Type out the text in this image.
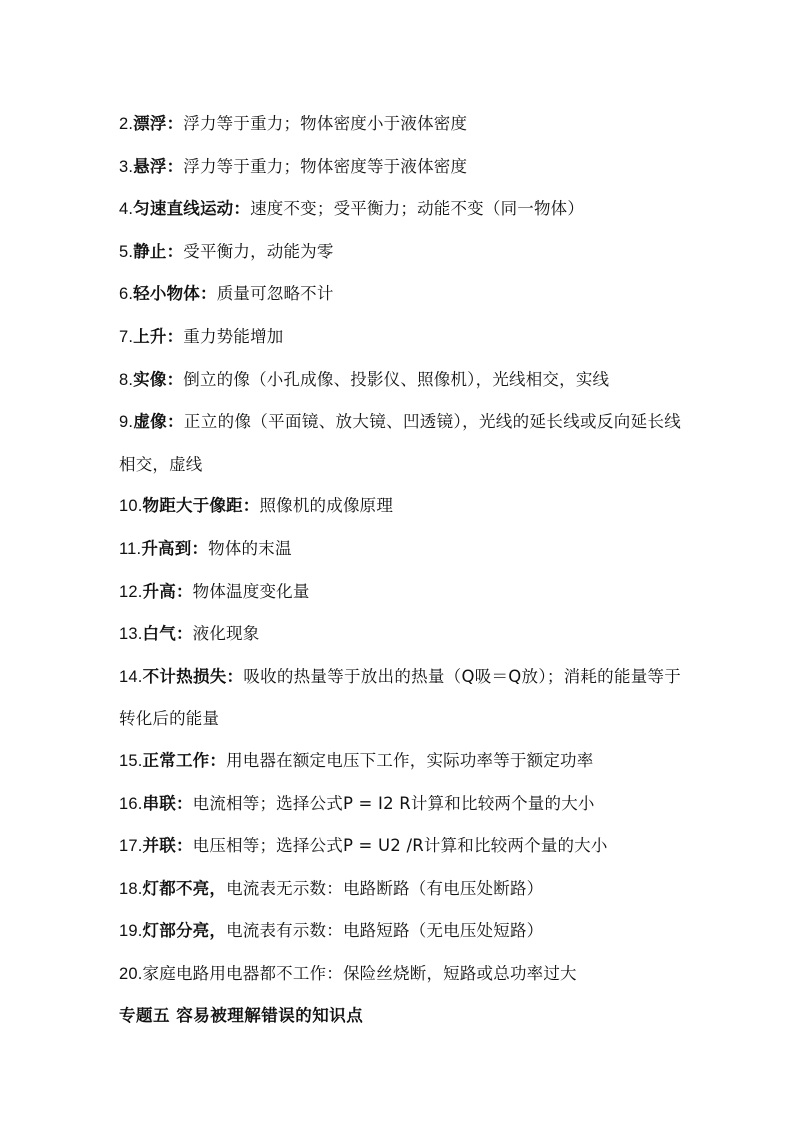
2.漂浮：浮力等于重力；物体密度小于液体密度

3.悬浮：浮力等于重力；物体密度等于液体密度

4.匀速直线运动：速度不变；受平衡力；动能不变（同一物体）

5.静止：受平衡力，动能为零

6.轻小物体：质量可忽略不计

7.上升：重力势能增加

8.实像：倒立的像（小孔成像、投影仪、照像机），光线相交，实线

9.虚像：正立的像（平面镜、放大镜、凹透镜），光线的延长线或反向延长线相交，虚线

10.物距大于像距：照像机的成像原理

11.升高到：物体的末温

12.升高：物体温度变化量

13.白气：液化现象

14.不计热损失：吸收的热量等于放出的热量（Q吸＝Q放）；消耗的能量等于转化后的能量

15.正常工作：用电器在额定电压下工作，实际功率等于额定功率

16.串联：电流相等；选择公式P = I2 R计算和比较两个量的大小

17.并联：电压相等；选择公式P = U2 /R计算和比较两个量的大小

18.灯都不亮，电流表无示数：电路断路（有电压处断路）

19.灯部分亮，电流表有示数：电路短路（无电压处短路）

20.家庭电路用电器都不工作：保险丝烧断，短路或总功率过大

专题五 容易被理解错误的知识点
